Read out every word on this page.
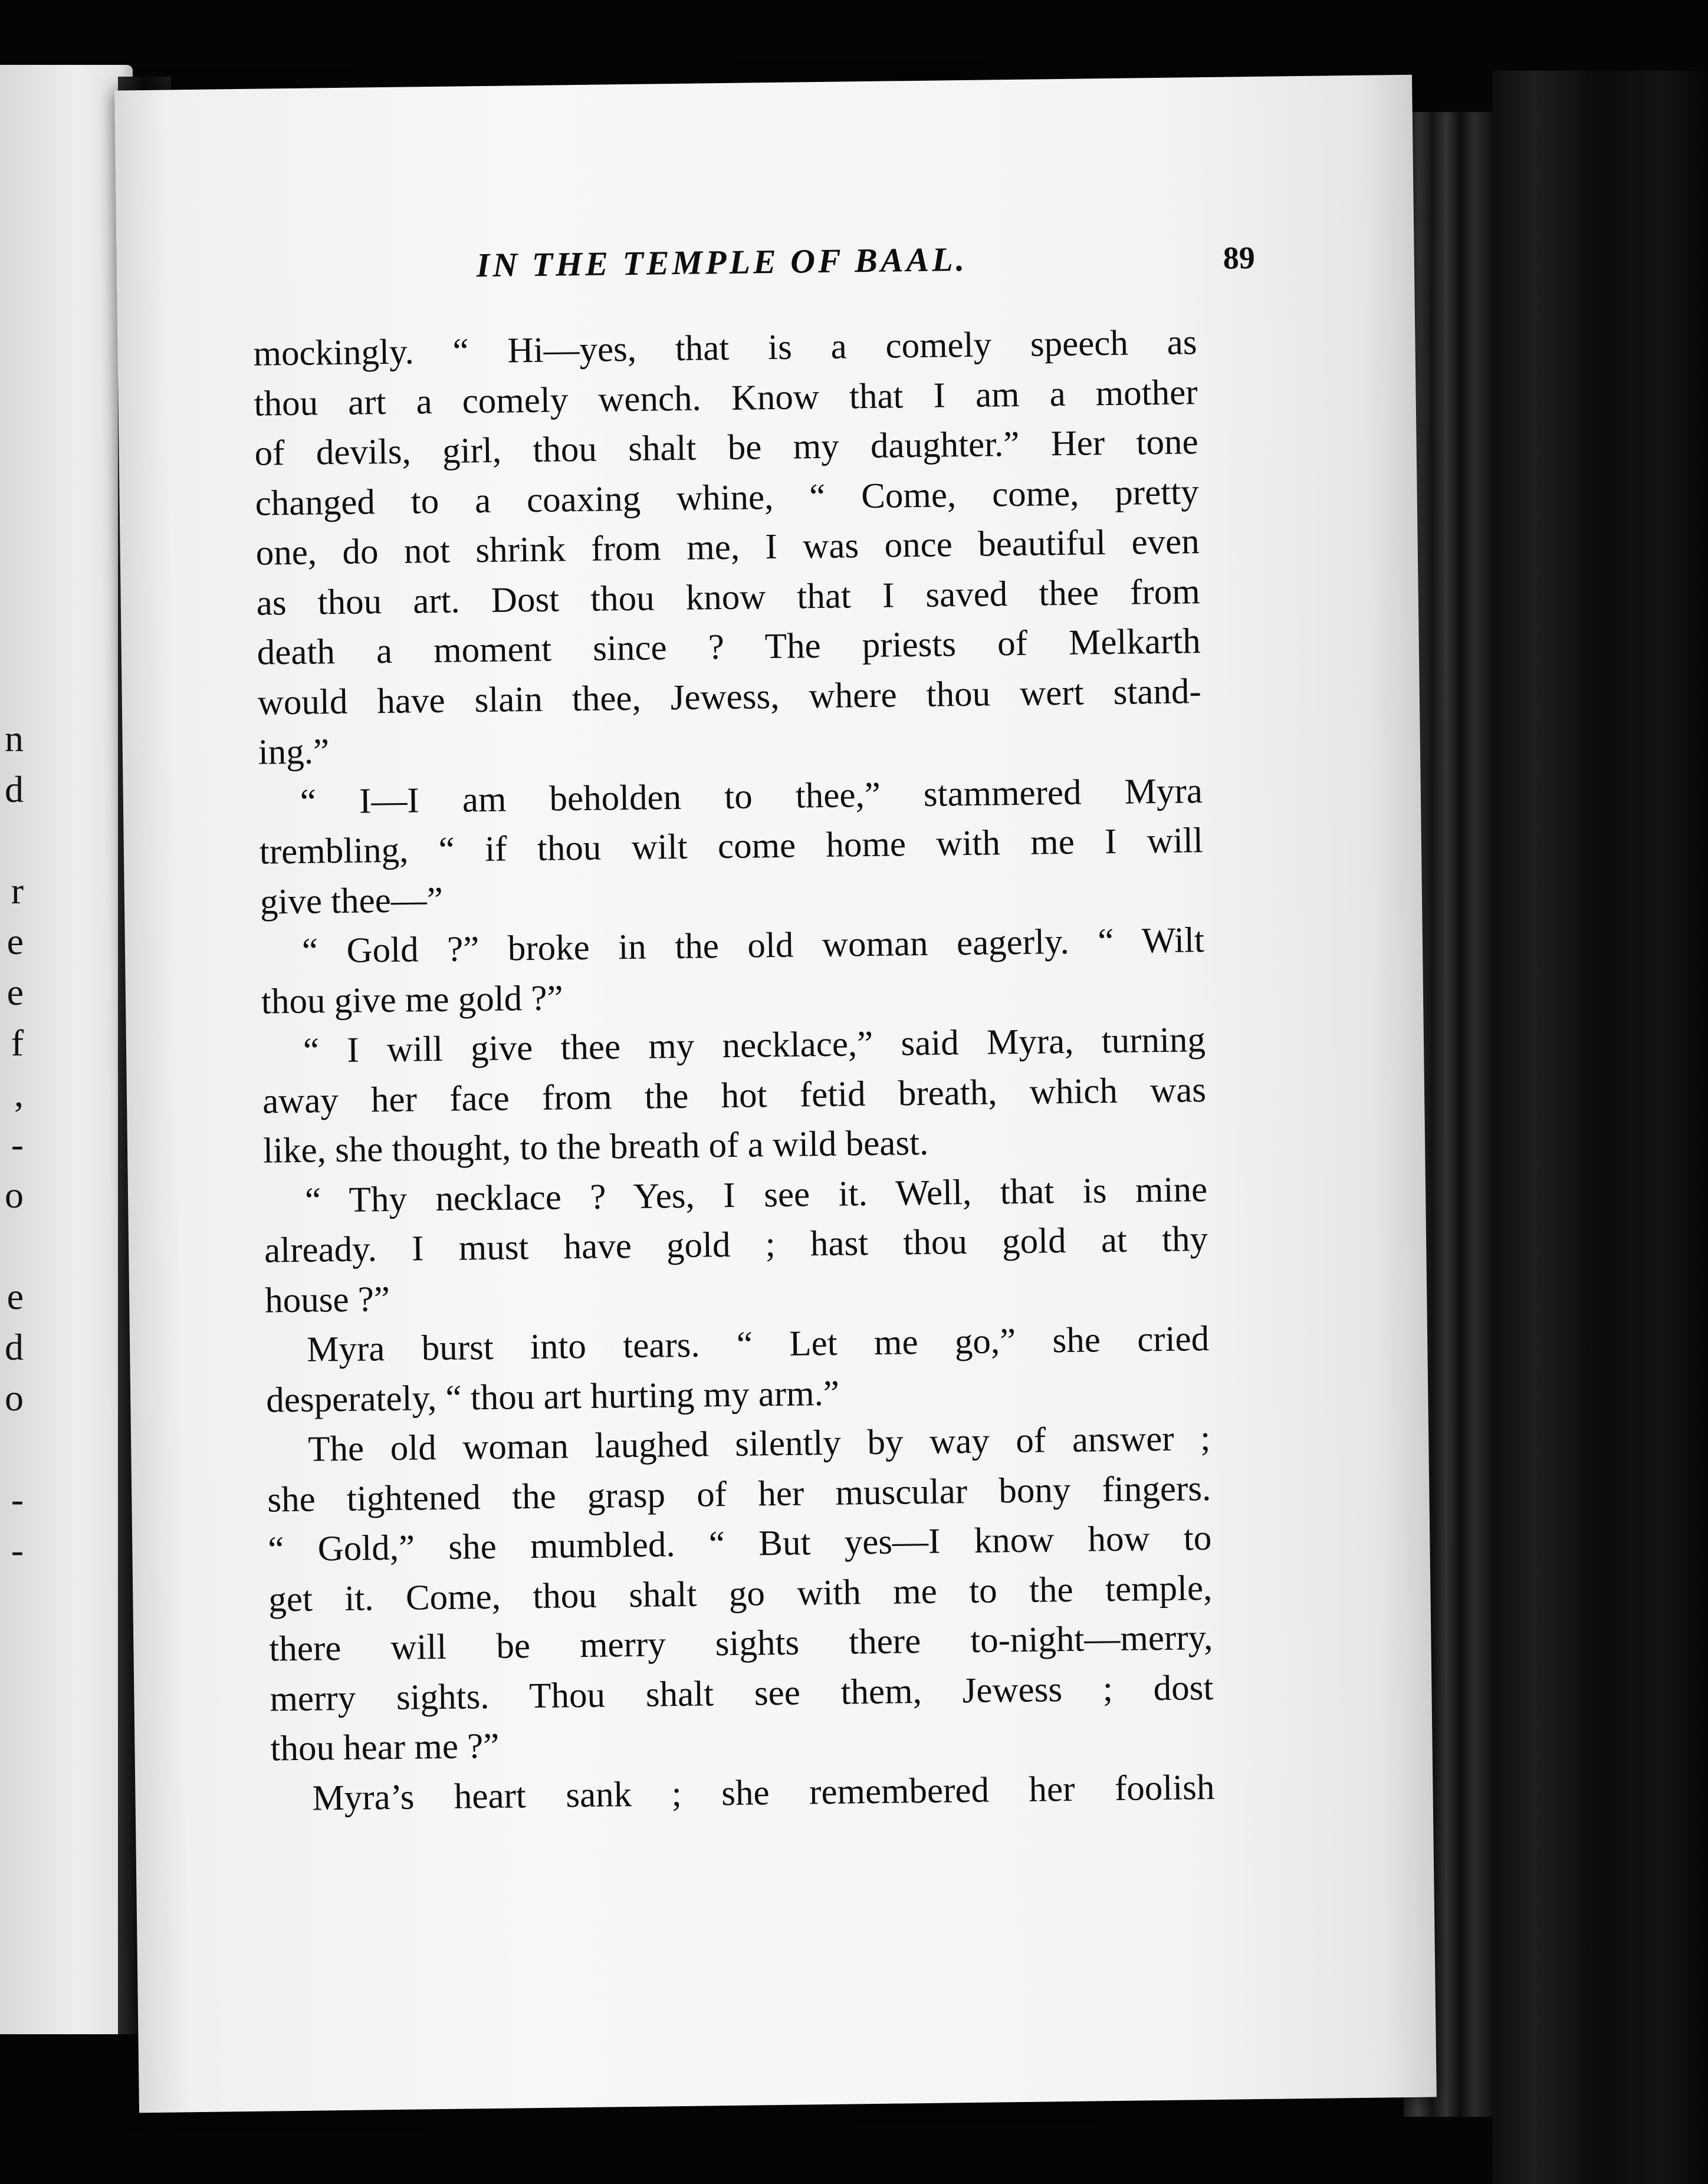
n
d
r
e
e
f
,
-
o
e
d
o
-
-
IN THE TEMPLE OF BAAL.	89
mockingly. “ Hi—yes, that is a comely speech as
thou art a comely wench. Know that I am a mother
of devils, girl, thou shalt be my daughter.” Her tone
changed to a coaxing whine, “ Come, come, pretty
one, do not shrink from me, I was once beautiful even
as thou art. Dost thou know that I saved thee from
death a moment since ? The priests of Melkarth
would have slain thee, Jewess, where thou wert stand-
ing.”
“ I—I am beholden to thee,” stammered Myra
trembling, “ if thou wilt come home with me I will
give thee—”
“ Gold ?” broke in the old woman eagerly. “ Wilt
thou give me gold ?”
“ I will give thee my necklace,” said Myra, turning
away her face from the hot fetid breath, which was
like, she thought, to the breath of a wild beast.
“ Thy necklace ? Yes, I see it. Well, that is mine
already. I must have gold ; hast thou gold at thy
house ?”
Myra burst into tears. “ Let me go,” she cried
desperately, “ thou art hurting my arm.”
The old woman laughed silently by way of answer ;
she tightened the grasp of her muscular bony fingers.
“ Gold,” she mumbled. “ But yes—I know how to
get it. Come, thou shalt go with me to the temple,
there will be merry sights there to-night—merry,
merry sights. Thou shalt see them, Jewess ; dost
thou hear me ?”
Myra’s heart sank ; she remembered her foolish
